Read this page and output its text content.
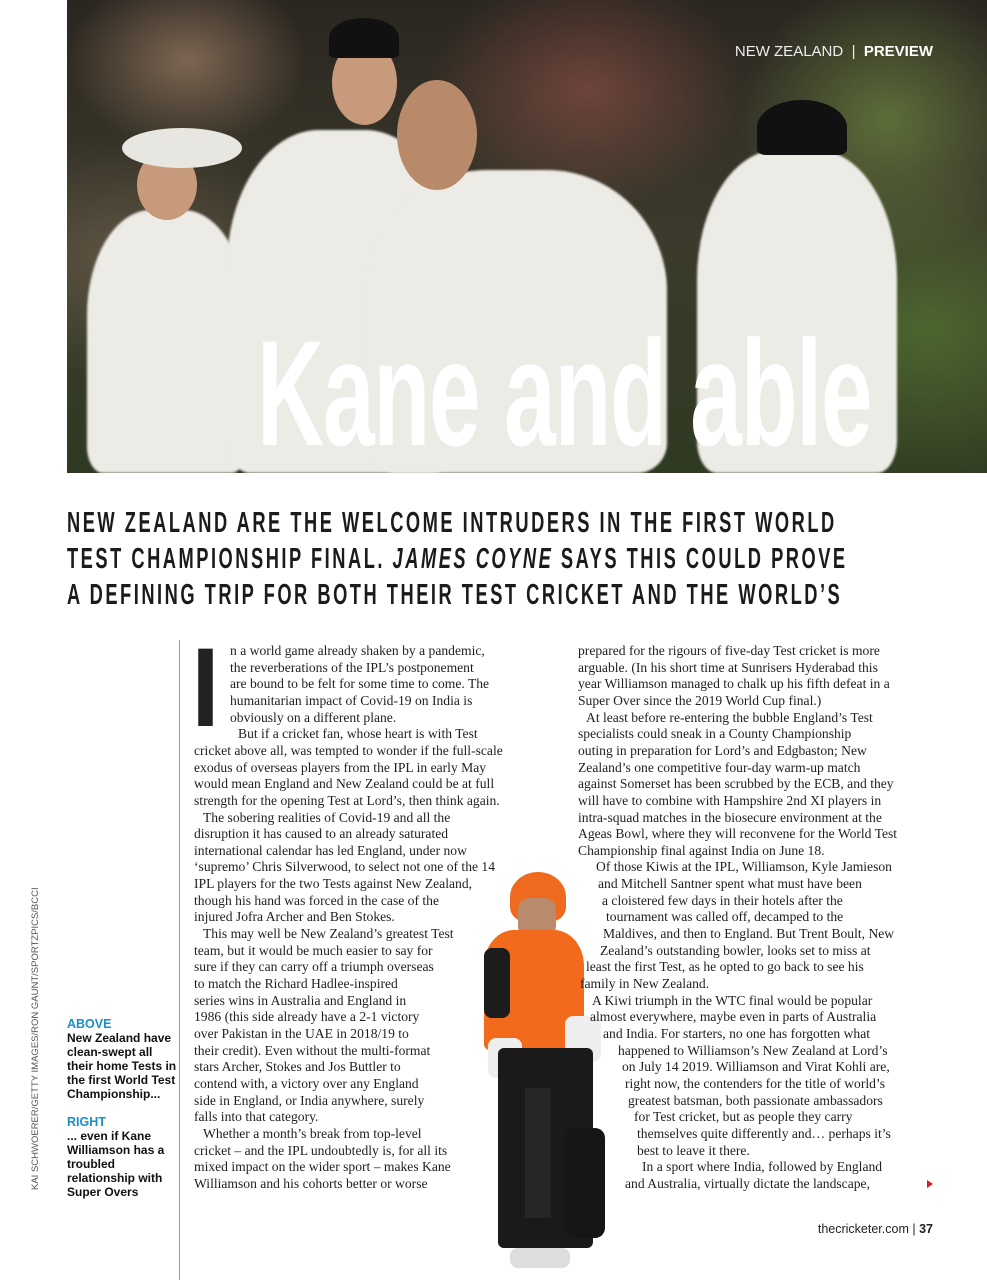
Kane and able
NEW ZEALAND | PREVIEW
NEW ZEALAND ARE THE WELCOME INTRUDERS IN THE FIRST WORLD
TEST CHAMPIONSHIP FINAL. JAMES COYNE SAYS THIS COULD PROVE
A DEFINING TRIP FOR BOTH THEIR TEST CRICKET AND THE WORLD’S
KAI SCHWOERER/GETTY IMAGES/RON GAUNT/SPORTZPICS/BCCI ABOVE
New Zealand have clean-swept all their home Tests in the first World Test Championship...
RIGHT
... even if Kane Williamson has a troubled relationship with Super Overs
I n a world game already shaken by a pandemic,
the reverberations of the IPL’s postponement
are bound to be felt for some time to come. The
humanitarian impact of Covid-19 on India is
obviously on a different plane.
But if a cricket fan, whose heart is with Test
cricket above all, was tempted to wonder if the full-scale
exodus of overseas players from the IPL in early May
would mean England and New Zealand could be at full
strength for the opening Test at Lord’s, then think again.
The sobering realities of Covid-19 and all the
disruption it has caused to an already saturated
international calendar has led England, under now
‘supremo’ Chris Silverwood, to select not one of the 14
IPL players for the two Tests against New Zealand,
though his hand was forced in the case of the
injured Jofra Archer and Ben Stokes.
This may well be New Zealand’s greatest Test
team, but it would be much easier to say for
sure if they can carry off a triumph overseas
to match the Richard Hadlee-inspired
series wins in Australia and England in
1986 (this side already have a 2-1 victory
over Pakistan in the UAE in 2018/19 to
their credit). Even without the multi-format
stars Archer, Stokes and Jos Buttler to
contend with, a victory over any England
side in England, or India anywhere, surely
falls into that category.
Whether a month’s break from top-level
cricket – and the IPL undoubtedly is, for all its
mixed impact on the wider sport – makes Kane
Williamson and his cohorts better or worse
prepared for the rigours of five-day Test cricket is more
arguable. (In his short time at Sunrisers Hyderabad this
year Williamson managed to chalk up his fifth defeat in a
Super Over since the 2019 World Cup final.)
At least before re-entering the bubble England’s Test
specialists could sneak in a County Championship
outing in preparation for Lord’s and Edgbaston; New
Zealand’s one competitive four-day warm-up match
against Somerset has been scrubbed by the ECB, and they
will have to combine with Hampshire 2nd XI players in
intra-squad matches in the biosecure environment at the
Ageas Bowl, where they will reconvene for the World Test
Championship final against India on June 18.
Of those Kiwis at the IPL, Williamson, Kyle Jamieson
and Mitchell Santner spent what must have been
a cloistered few days in their hotels after the
tournament was called off, decamped to the
Maldives, and then to England. But Trent Boult, New
Zealand’s outstanding bowler, looks set to miss at
least the first Test, as he opted to go back to see his
family in New Zealand.
A Kiwi triumph in the WTC final would be popular
almost everywhere, maybe even in parts of Australia
and India. For starters, no one has forgotten what
happened to Williamson’s New Zealand at Lord’s
on July 14 2019. Williamson and Virat Kohli are,
right now, the contenders for the title of world’s
greatest batsman, both passionate ambassadors
for Test cricket, but as people they carry
themselves quite differently and… perhaps it’s
best to leave it there.
In a sport where India, followed by England
and Australia, virtually dictate the landscape,
thecricketer.com | 37
